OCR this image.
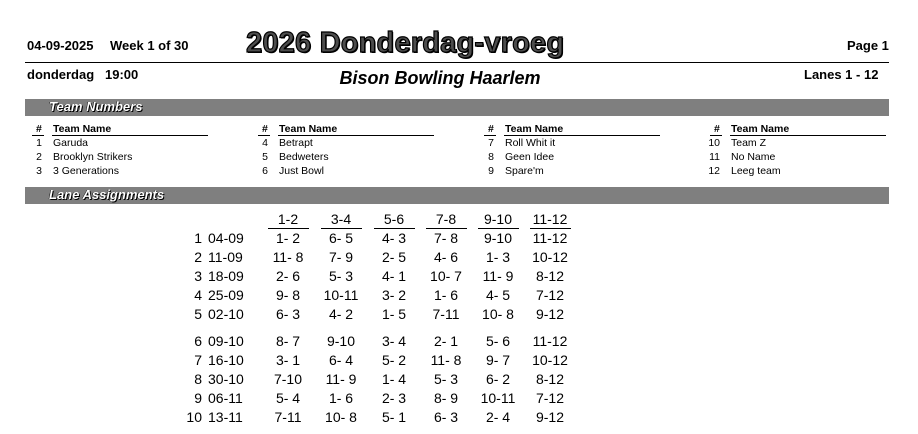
04-09-2025 Week 1 of 30 2026 Donderdag-vroeg	Page 1
donderdag   19:00	Bison Bowling Haarlem	Lanes 1 - 12
Team Numbers
# Team Name
1 Garuda
2 Brooklyn Strikers
3 3 Generations
# Team Name
4 Betrapt
5 Bedweters
6 Just Bowl
# Team Name
7 Roll Whit it
8 Geen Idee
9 Spare'm
# Team Name
10 Team Z
11 No Name
12 Leeg team
Lane Assignments
1-2	3-4	5-6	7-8	9-10	11-12
1 04-09	1- 2	6- 5	4- 3	7- 8	9-10	11-12
2 11-09	11- 8	7- 9	2- 5	4- 6	1- 3	10-12
3 18-09	2- 6	5- 3	4- 1	10- 7	11- 9	8-12
4 25-09	9- 8	10-11	3- 2	1- 6	4- 5	7-12
5 02-10	6- 3	4- 2	1- 5	7-11	10- 8	9-12
6 09-10	8- 7	9-10	3- 4	2- 1	5- 6	11-12
7 16-10	3- 1	6- 4	5- 2	11- 8	9- 7	10-12
8 30-10	7-10	11- 9	1- 4	5- 3	6- 2	8-12
9 06-11	5- 4	1- 6	2- 3	8- 9	10-11	7-12
10 13-11	7-11	10- 8	5- 1	6- 3	2- 4	9-12
